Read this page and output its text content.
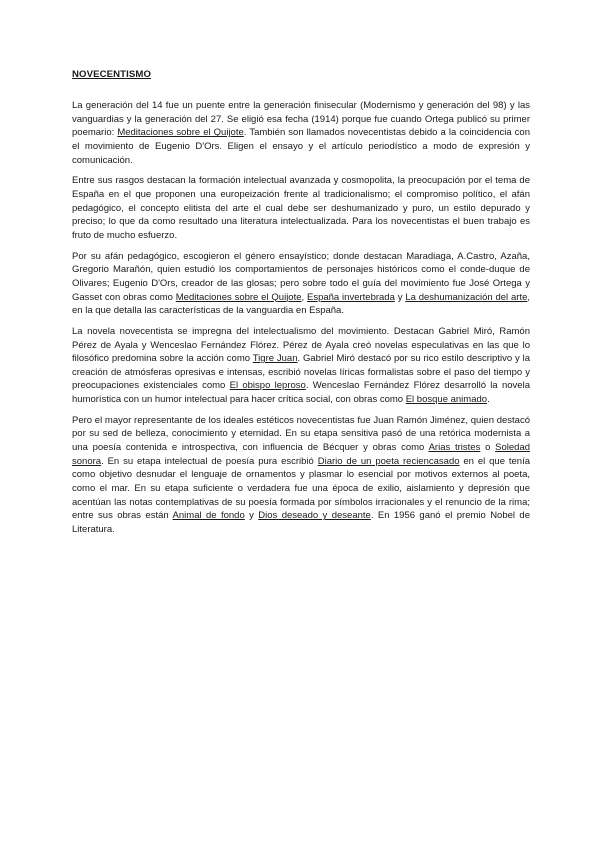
NOVECENTISMO

La generación del 14 fue un puente entre la generación finisecular (Modernismo y generación del 98) y las vanguardias y la generación del 27. Se eligió esa fecha (1914) porque fue cuando Ortega publicó su primer poemario: Meditaciones sobre el Quijote. También son llamados novecentistas debido a la coincidencia con el movimiento de Eugenio D'Ors. Eligen el ensayo y el artículo periodístico a modo de expresión y comunicación.

Entre sus rasgos destacan la formación intelectual avanzada y cosmopolita, la preocupación por el tema de España en el que proponen una europeización frente al tradicionalismo; el compromiso político, el afán pedagógico, el concepto elitista del arte el cual debe ser deshumanizado y puro, un estilo depurado y preciso; lo que da como resultado una literatura intelectualizada. Para los novecentistas el buen trabajo es fruto de mucho esfuerzo.

Por su afán pedagógico, escogieron el género ensayístico; donde destacan Maradiaga, A.Castro, Azaña, Gregorio Marañón, quien estudió los comportamientos de personajes históricos como el conde-duque de Olivares; Eugenio D'Ors, creador de las glosas; pero sobre todo el guía del movimiento fue José Ortega y Gasset con obras como Meditaciones sobre el Quijote, España invertebrada y La deshumanización del arte, en la que detalla las características de la vanguardia en España.

La novela novecentista se impregna del intelectualismo del movimiento. Destacan Gabriel Miró, Ramón Pérez de Ayala y Wenceslao Fernández Flórez. Pérez de Ayala creó novelas especulativas en las que lo filosófico predomina sobre la acción como Tigre Juan. Gabriel Miró destacó por su rico estilo descriptivo y la creación de atmósferas opresivas e intensas, escribió novelas líricas formalistas sobre el paso del tiempo y preocupaciones existenciales como El obispo leproso. Wenceslao Fernández Flórez desarrolló la novela humorística con un humor intelectual para hacer crítica social, con obras como El bosque animado.

Pero el mayor representante de los ideales estéticos novecentistas fue Juan Ramón Jiménez, quien destacó por su sed de belleza, conocimiento y eternidad. En su etapa sensitiva pasó de una retórica modernista a una poesía contenida e introspectiva, con influencia de Bécquer y obras como Arias tristes o Soledad sonora. En su etapa intelectual de poesía pura escribió Diario de un poeta reciencasado en el que tenía como objetivo desnudar el lenguaje de ornamentos y plasmar lo esencial por motivos externos al poeta, como el mar. En su etapa suficiente o verdadera fue una época de exilio, aislamiento y depresión que acentúan las notas contemplativas de su poesía formada por símbolos irracionales y el renuncio de la rima; entre sus obras están Animal de fondo y Dios deseado y deseante. En 1956 ganó el premio Nobel de Literatura.
